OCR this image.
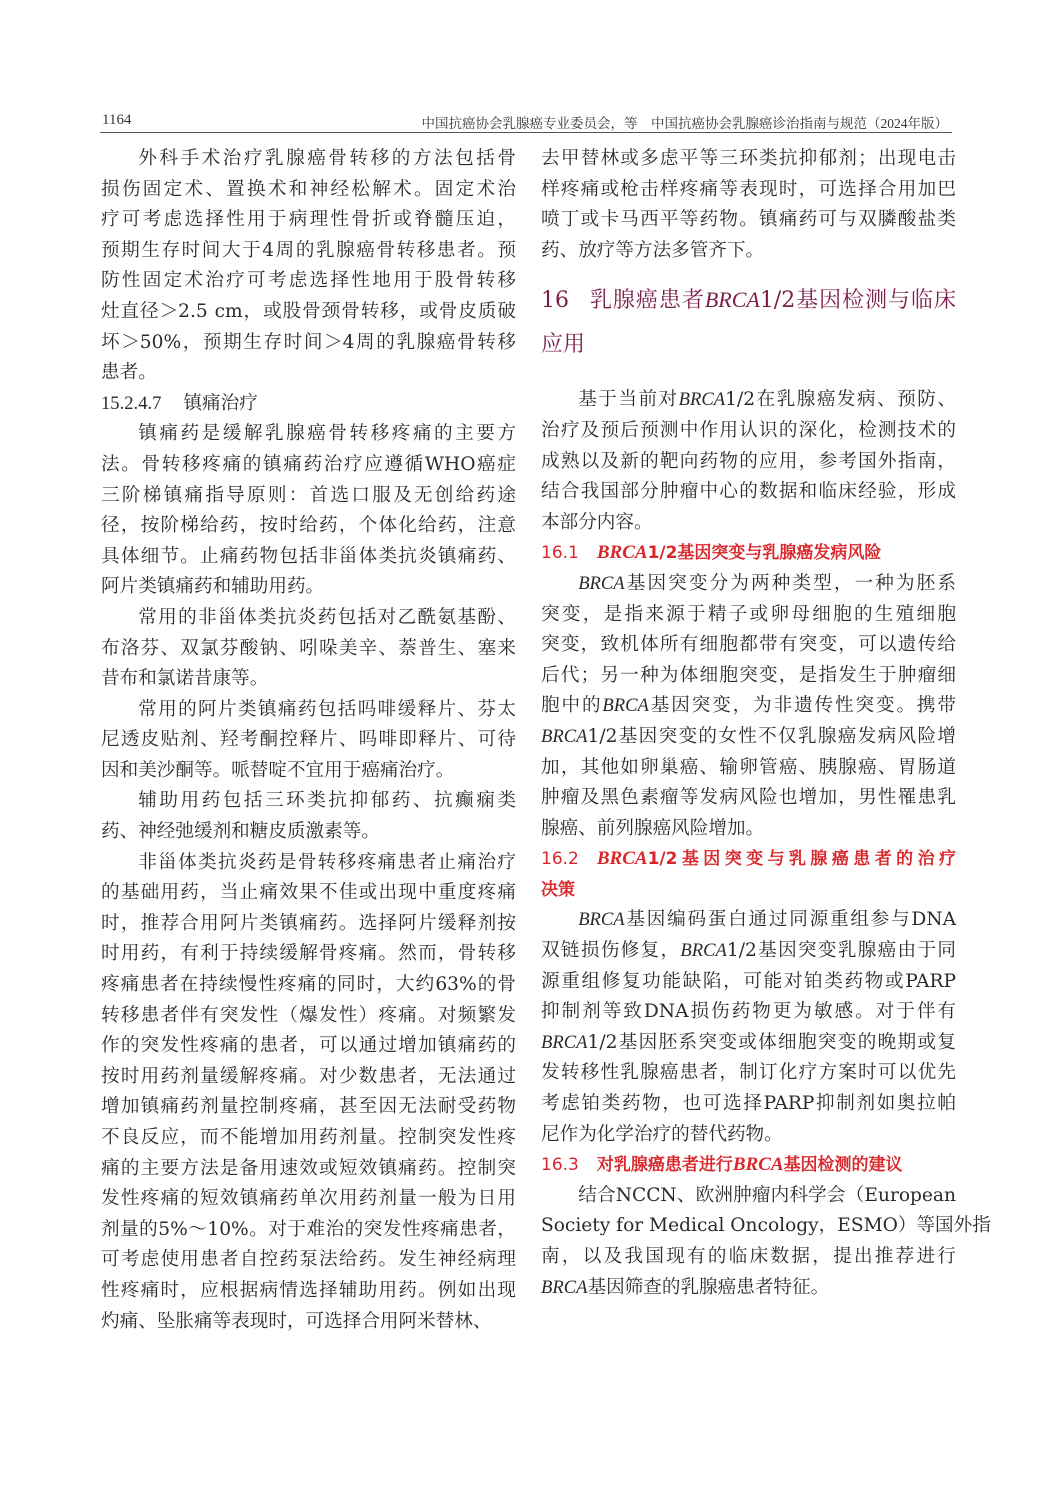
1164	中国抗癌协会乳腺癌专业委员会，等　中国抗癌协会乳腺癌诊治指南与规范（2024年版）
外科手术治疗乳腺癌骨转移的方法包括骨
损伤固定术、置换术和神经松解术。固定术治
疗可考虑选择性用于病理性骨折或脊髓压迫，
预期生存时间大于4周的乳腺癌骨转移患者。预
防性固定术治疗可考虑选择性地用于股骨转移
灶直径＞2.5 cm，或股骨颈骨转移，或骨皮质破
坏＞50%，预期生存时间＞4周的乳腺癌骨转移
患者。
15.2.4.7 镇痛治疗
镇痛药是缓解乳腺癌骨转移疼痛的主要方
法。骨转移疼痛的镇痛药治疗应遵循WHO癌症
三阶梯镇痛指导原则：首选口服及无创给药途
径，按阶梯给药，按时给药，个体化给药，注意
具体细节。止痛药物包括非甾体类抗炎镇痛药、
阿片类镇痛药和辅助用药。
常用的非甾体类抗炎药包括对乙酰氨基酚、
布洛芬、双氯芬酸钠、吲哚美辛、萘普生、塞来
昔布和氯诺昔康等。
常用的阿片类镇痛药包括吗啡缓释片、芬太
尼透皮贴剂、羟考酮控释片、吗啡即释片、可待
因和美沙酮等。哌替啶不宜用于癌痛治疗。
辅助用药包括三环类抗抑郁药、抗癫痫类
药、神经弛缓剂和糖皮质激素等。
非甾体类抗炎药是骨转移疼痛患者止痛治疗
的基础用药，当止痛效果不佳或出现中重度疼痛
时，推荐合用阿片类镇痛药。选择阿片缓释剂按
时用药，有利于持续缓解骨疼痛。然而，骨转移
疼痛患者在持续慢性疼痛的同时，大约63%的骨
转移患者伴有突发性（爆发性）疼痛。对频繁发
作的突发性疼痛的患者，可以通过增加镇痛药的
按时用药剂量缓解疼痛。对少数患者，无法通过
增加镇痛药剂量控制疼痛，甚至因无法耐受药物
不良反应，而不能增加用药剂量。控制突发性疼
痛的主要方法是备用速效或短效镇痛药。控制突
发性疼痛的短效镇痛药单次用药剂量一般为日用
剂量的5%～10%。对于难治的突发性疼痛患者，
可考虑使用患者自控药泵法给药。发生神经病理
性疼痛时，应根据病情选择辅助用药。例如出现
灼痛、坠胀痛等表现时，可选择合用阿米替林、
去甲替林或多虑平等三环类抗抑郁剂；出现电击
样疼痛或枪击样疼痛等表现时，可选择合用加巴
喷丁或卡马西平等药物。镇痛药可与双膦酸盐类
药、放疗等方法多管齐下。
16 乳腺癌患者BRCA1/2基因检测与临床
应用
基于当前对BRCA1/2在乳腺癌发病、预防、
治疗及预后预测中作用认识的深化，检测技术的
成熟以及新的靶向药物的应用，参考国外指南，
结合我国部分肿瘤中心的数据和临床经验，形成
本部分内容。
16.1 BRCA1/2基因突变与乳腺癌发病风险
BRCA基因突变分为两种类型，一种为胚系
突变，是指来源于精子或卵母细胞的生殖细胞
突变，致机体所有细胞都带有突变，可以遗传给
后代；另一种为体细胞突变，是指发生于肿瘤细
胞中的BRCA基因突变，为非遗传性突变。携带
BRCA1/2基因突变的女性不仅乳腺癌发病风险增
加，其他如卵巢癌、输卵管癌、胰腺癌、胃肠道
肿瘤及黑色素瘤等发病风险也增加，男性罹患乳
腺癌、前列腺癌风险增加。
16.2 BRCA1/2基因突变与乳腺癌患者的治疗
决策
BRCA基因编码蛋白通过同源重组参与DNA
双链损伤修复，BRCA1/2基因突变乳腺癌由于同
源重组修复功能缺陷，可能对铂类药物或PARP
抑制剂等致DNA损伤药物更为敏感。对于伴有
BRCA1/2基因胚系突变或体细胞突变的晚期或复
发转移性乳腺癌患者，制订化疗方案时可以优先
考虑铂类药物，也可选择PARP抑制剂如奥拉帕
尼作为化学治疗的替代药物。
16.3 对乳腺癌患者进行BRCA基因检测的建议
结合NCCN、欧洲肿瘤内科学会（European
Society for Medical Oncology，ESMO）等国外指
南，以及我国现有的临床数据，提出推荐进行
BRCA基因筛查的乳腺癌患者特征。
